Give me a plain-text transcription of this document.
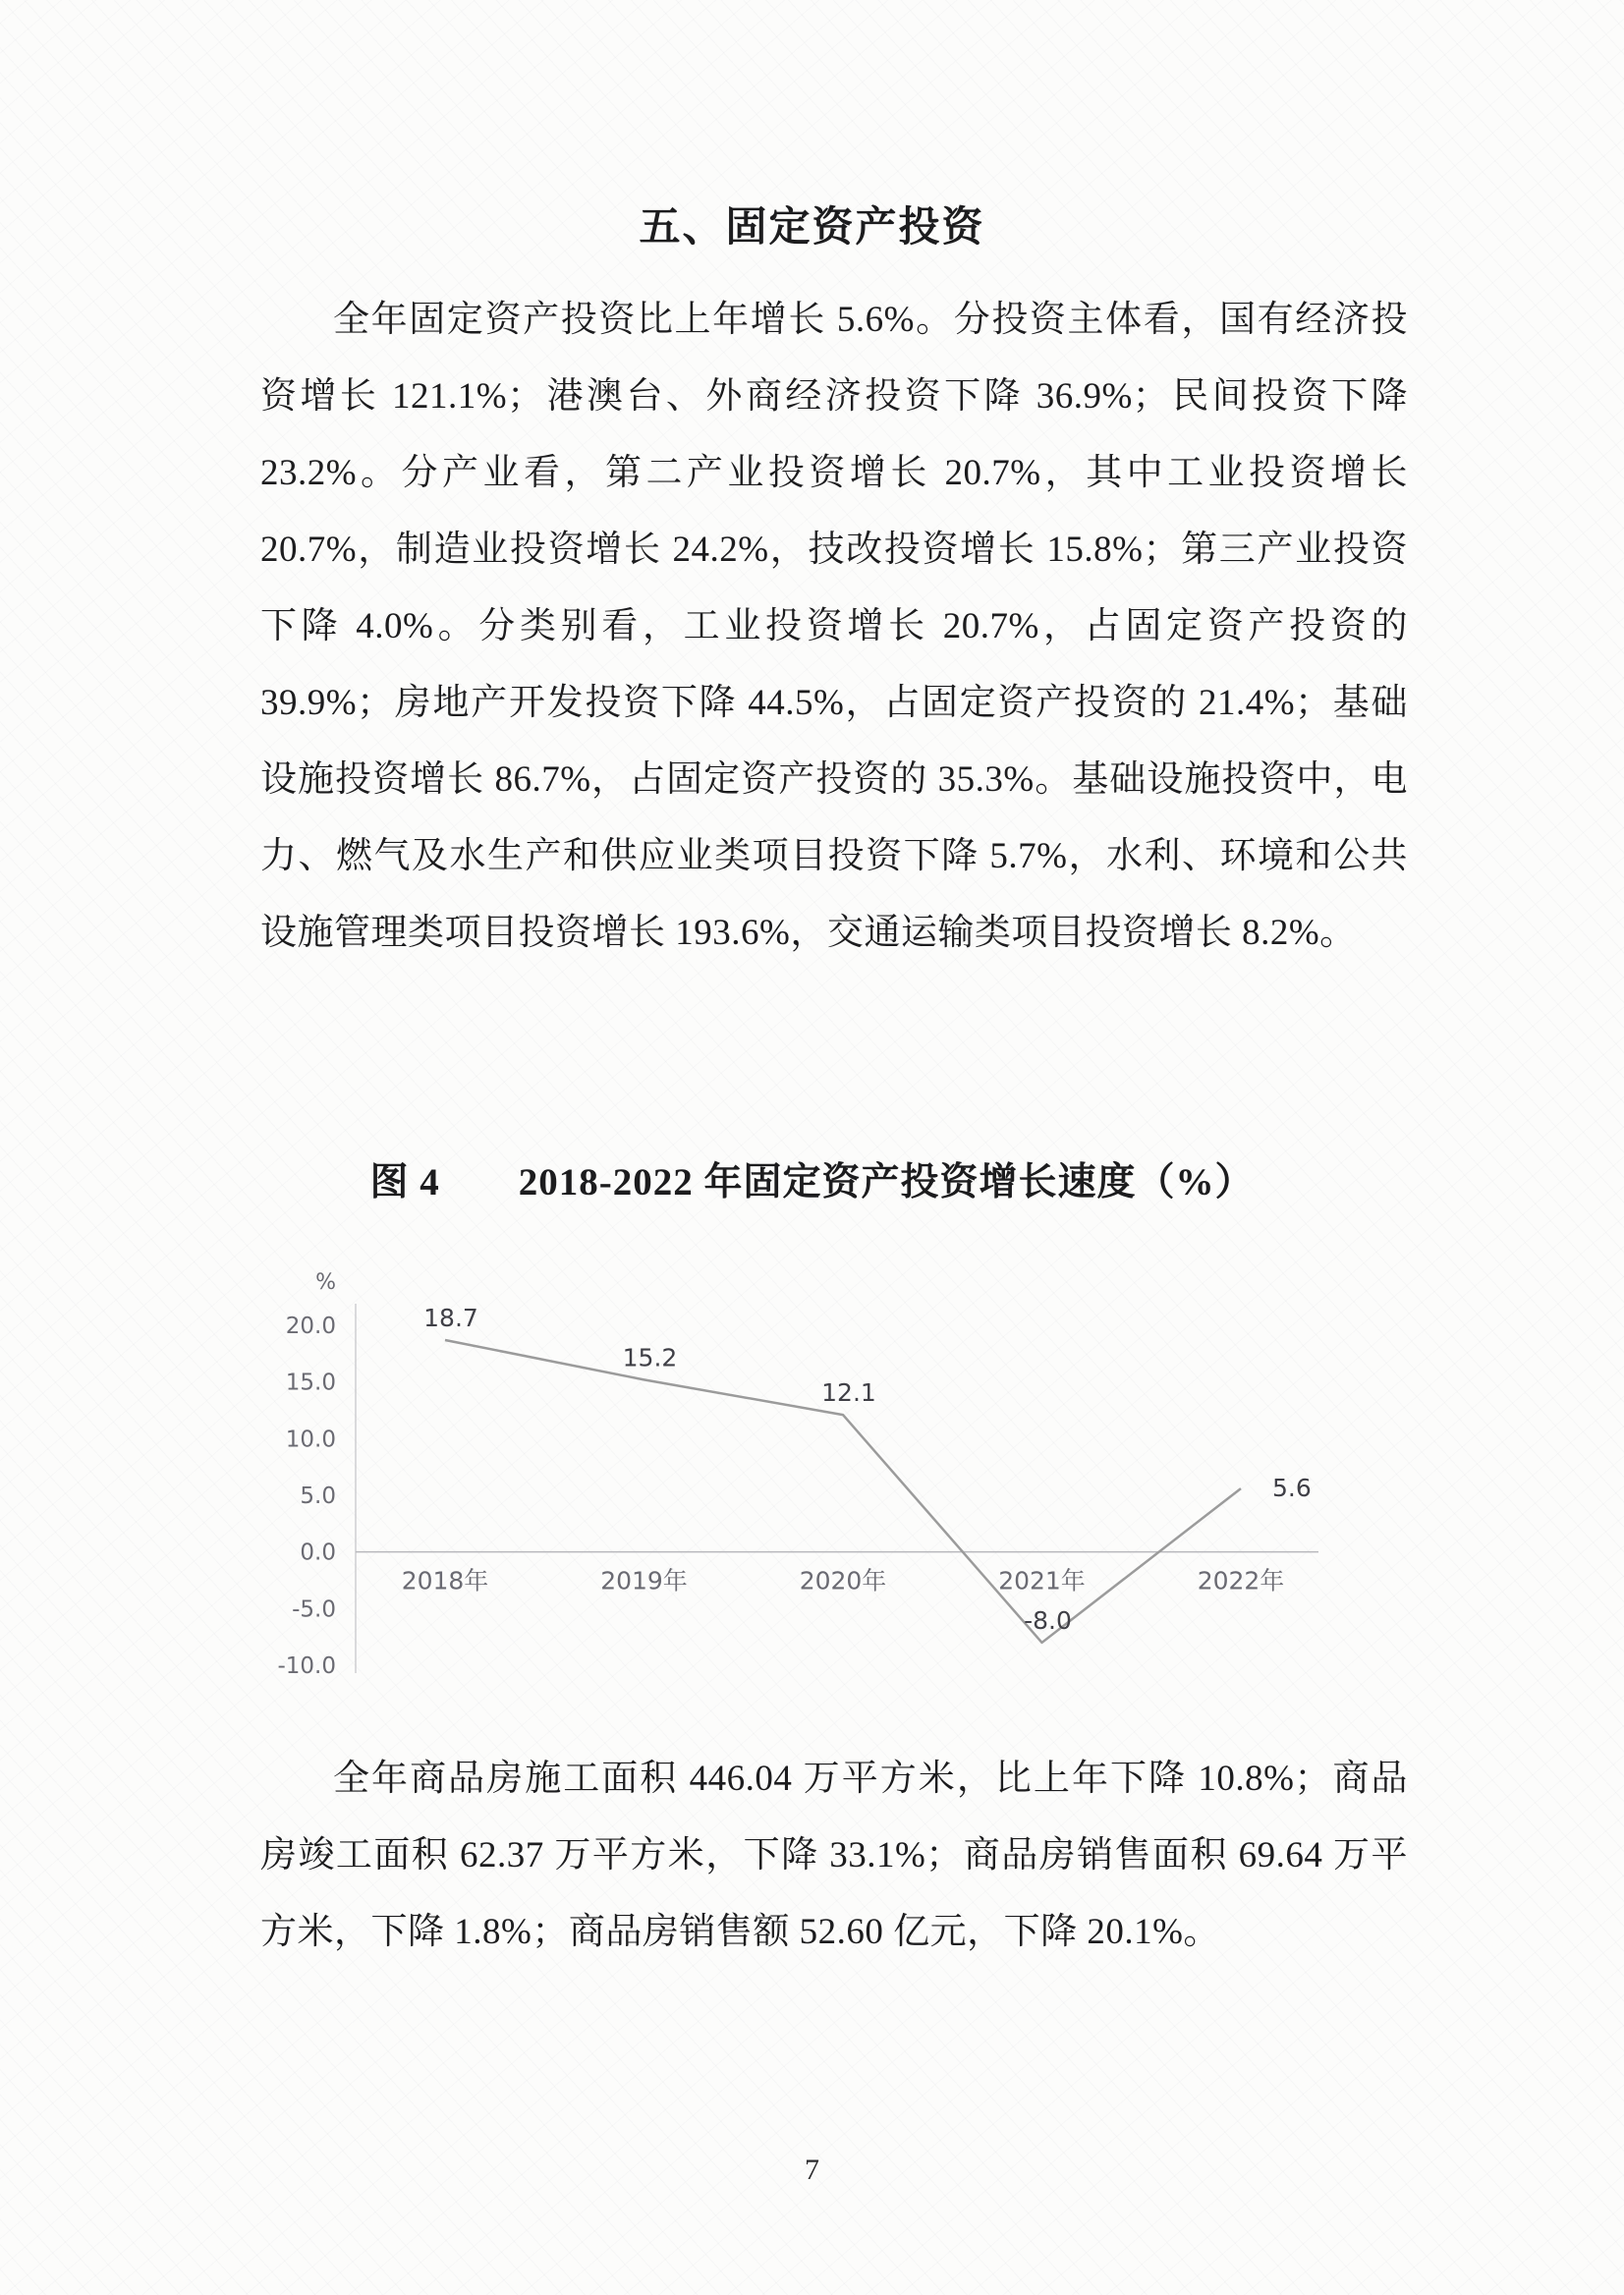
五、固定资产投资

全年固定资产投资比上年增长 5.6%。分投资主体看，国有经济投资增长 121.1%；港澳台、外商经济投资下降 36.9%；民间投资下降 23.2%。分产业看，第二产业投资增长 20.7%，其中工业投资增长 20.7%，制造业投资增长 24.2%，技改投资增长 15.8%；第三产业投资下降 4.0%。分类别看，工业投资增长 20.7%，占固定资产投资的 39.9%；房地产开发投资下降 44.5%，占固定资产投资的 21.4%；基础设施投资增长 86.7%，占固定资产投资的 35.3%。基础设施投资中，电力、燃气及水生产和供应业类项目投资下降 5.7%，水利、环境和公共设施管理类项目投资增长 193.6%，交通运输类项目投资增长 8.2%。

图 4　　2018-2022 年固定资产投资增长速度（%）
%
20.0
15.0
10.0
5.0
0.0
-5.0
-10.0
2018年	2019年	2020年	2021年	2022年
18.7
15.2
12.1
-8.0
5.6

全年商品房施工面积 446.04 万平方米，比上年下降 10.8%；商品房竣工面积 62.37 万平方米，下降 33.1%；商品房销售面积 69.64 万平方米，下降 1.8%；商品房销售额 52.60 亿元，下降 20.1%。

7
